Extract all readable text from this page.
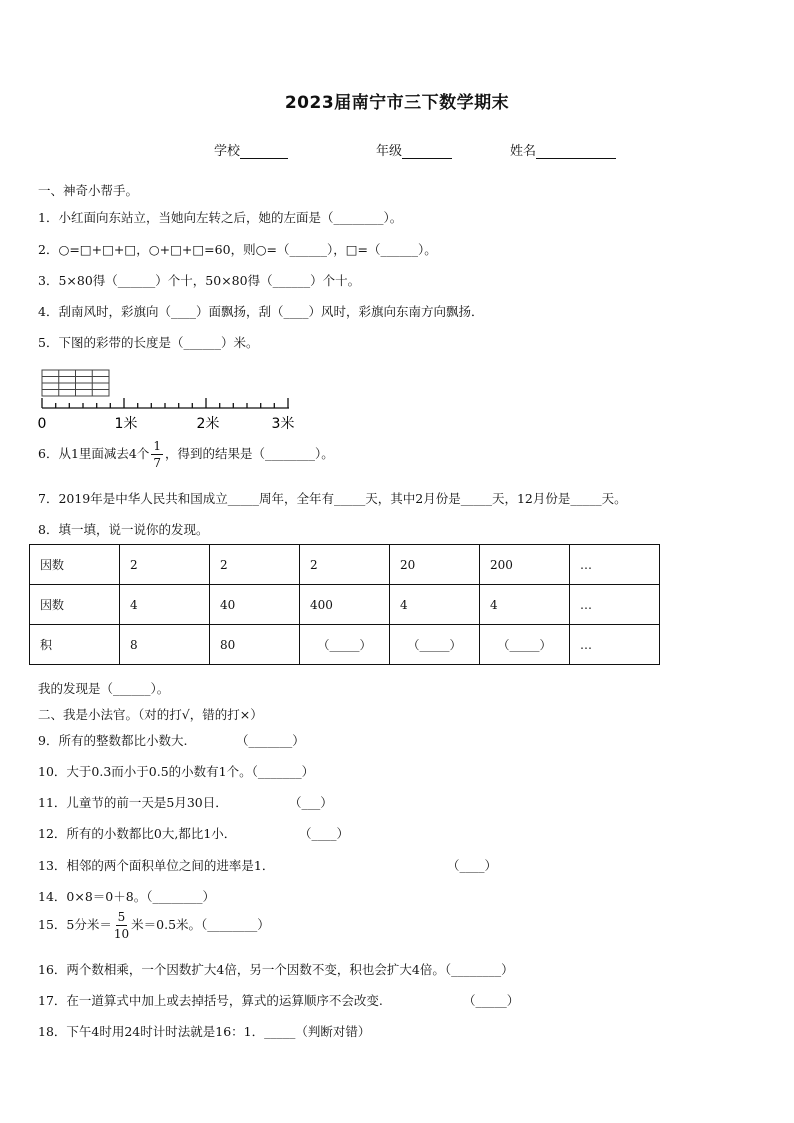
2023届南宁市三下数学期末
学校	年级	姓名
一、神奇小帮手。
1．小红面向东站立，当她向左转之后，她的左面是（________）。
2．○=□+□+□，○+□+□=60，则○=（______），□=（______）。
3．5×80得（______）个十，50×80得（______）个十。
4．刮南风时，彩旗向（____）面飘扬，刮（____）风时，彩旗向东南方向飘扬．
5．下图的彩带的长度是（______）米。
0	1米	2米	3米
6．从1里面减去4个 $\frac{1}{7}$ ，得到的结果是（________）。
7．2019年是中华人民共和国成立_____周年，全年有_____天，其中2月份是_____天，12月份是_____天。
8．填一填，说一说你的发现。
因数	2	2	2	20	200	…
因数	4	40	400	4	4	…
积	8	80	（_____）	（_____）	（_____）	…
我的发现是（______）。
二、我是小法官。（对的打√，错的打×）
9．所有的整数都比小数大.	（_______）
10．大于0.3而小于0.5的小数有1个。（_______）
11．儿童节的前一天是5月30日．	（___）
12．所有的小数都比0大,都比1小．	（____）
13．相邻的两个面积单位之间的进率是1．	（____）
14．0×8＝0＋8。（________）
15．5分米＝ $\frac{5}{10}$ 米＝0.5米。（________）
16．两个数相乘，一个因数扩大4倍，另一个因数不变，积也会扩大4倍。（________）
17．在一道算式中加上或去掉括号，算式的运算顺序不会改变.	（_____）
18．下午4时用24时计时法就是16：1．_____（判断对错）
